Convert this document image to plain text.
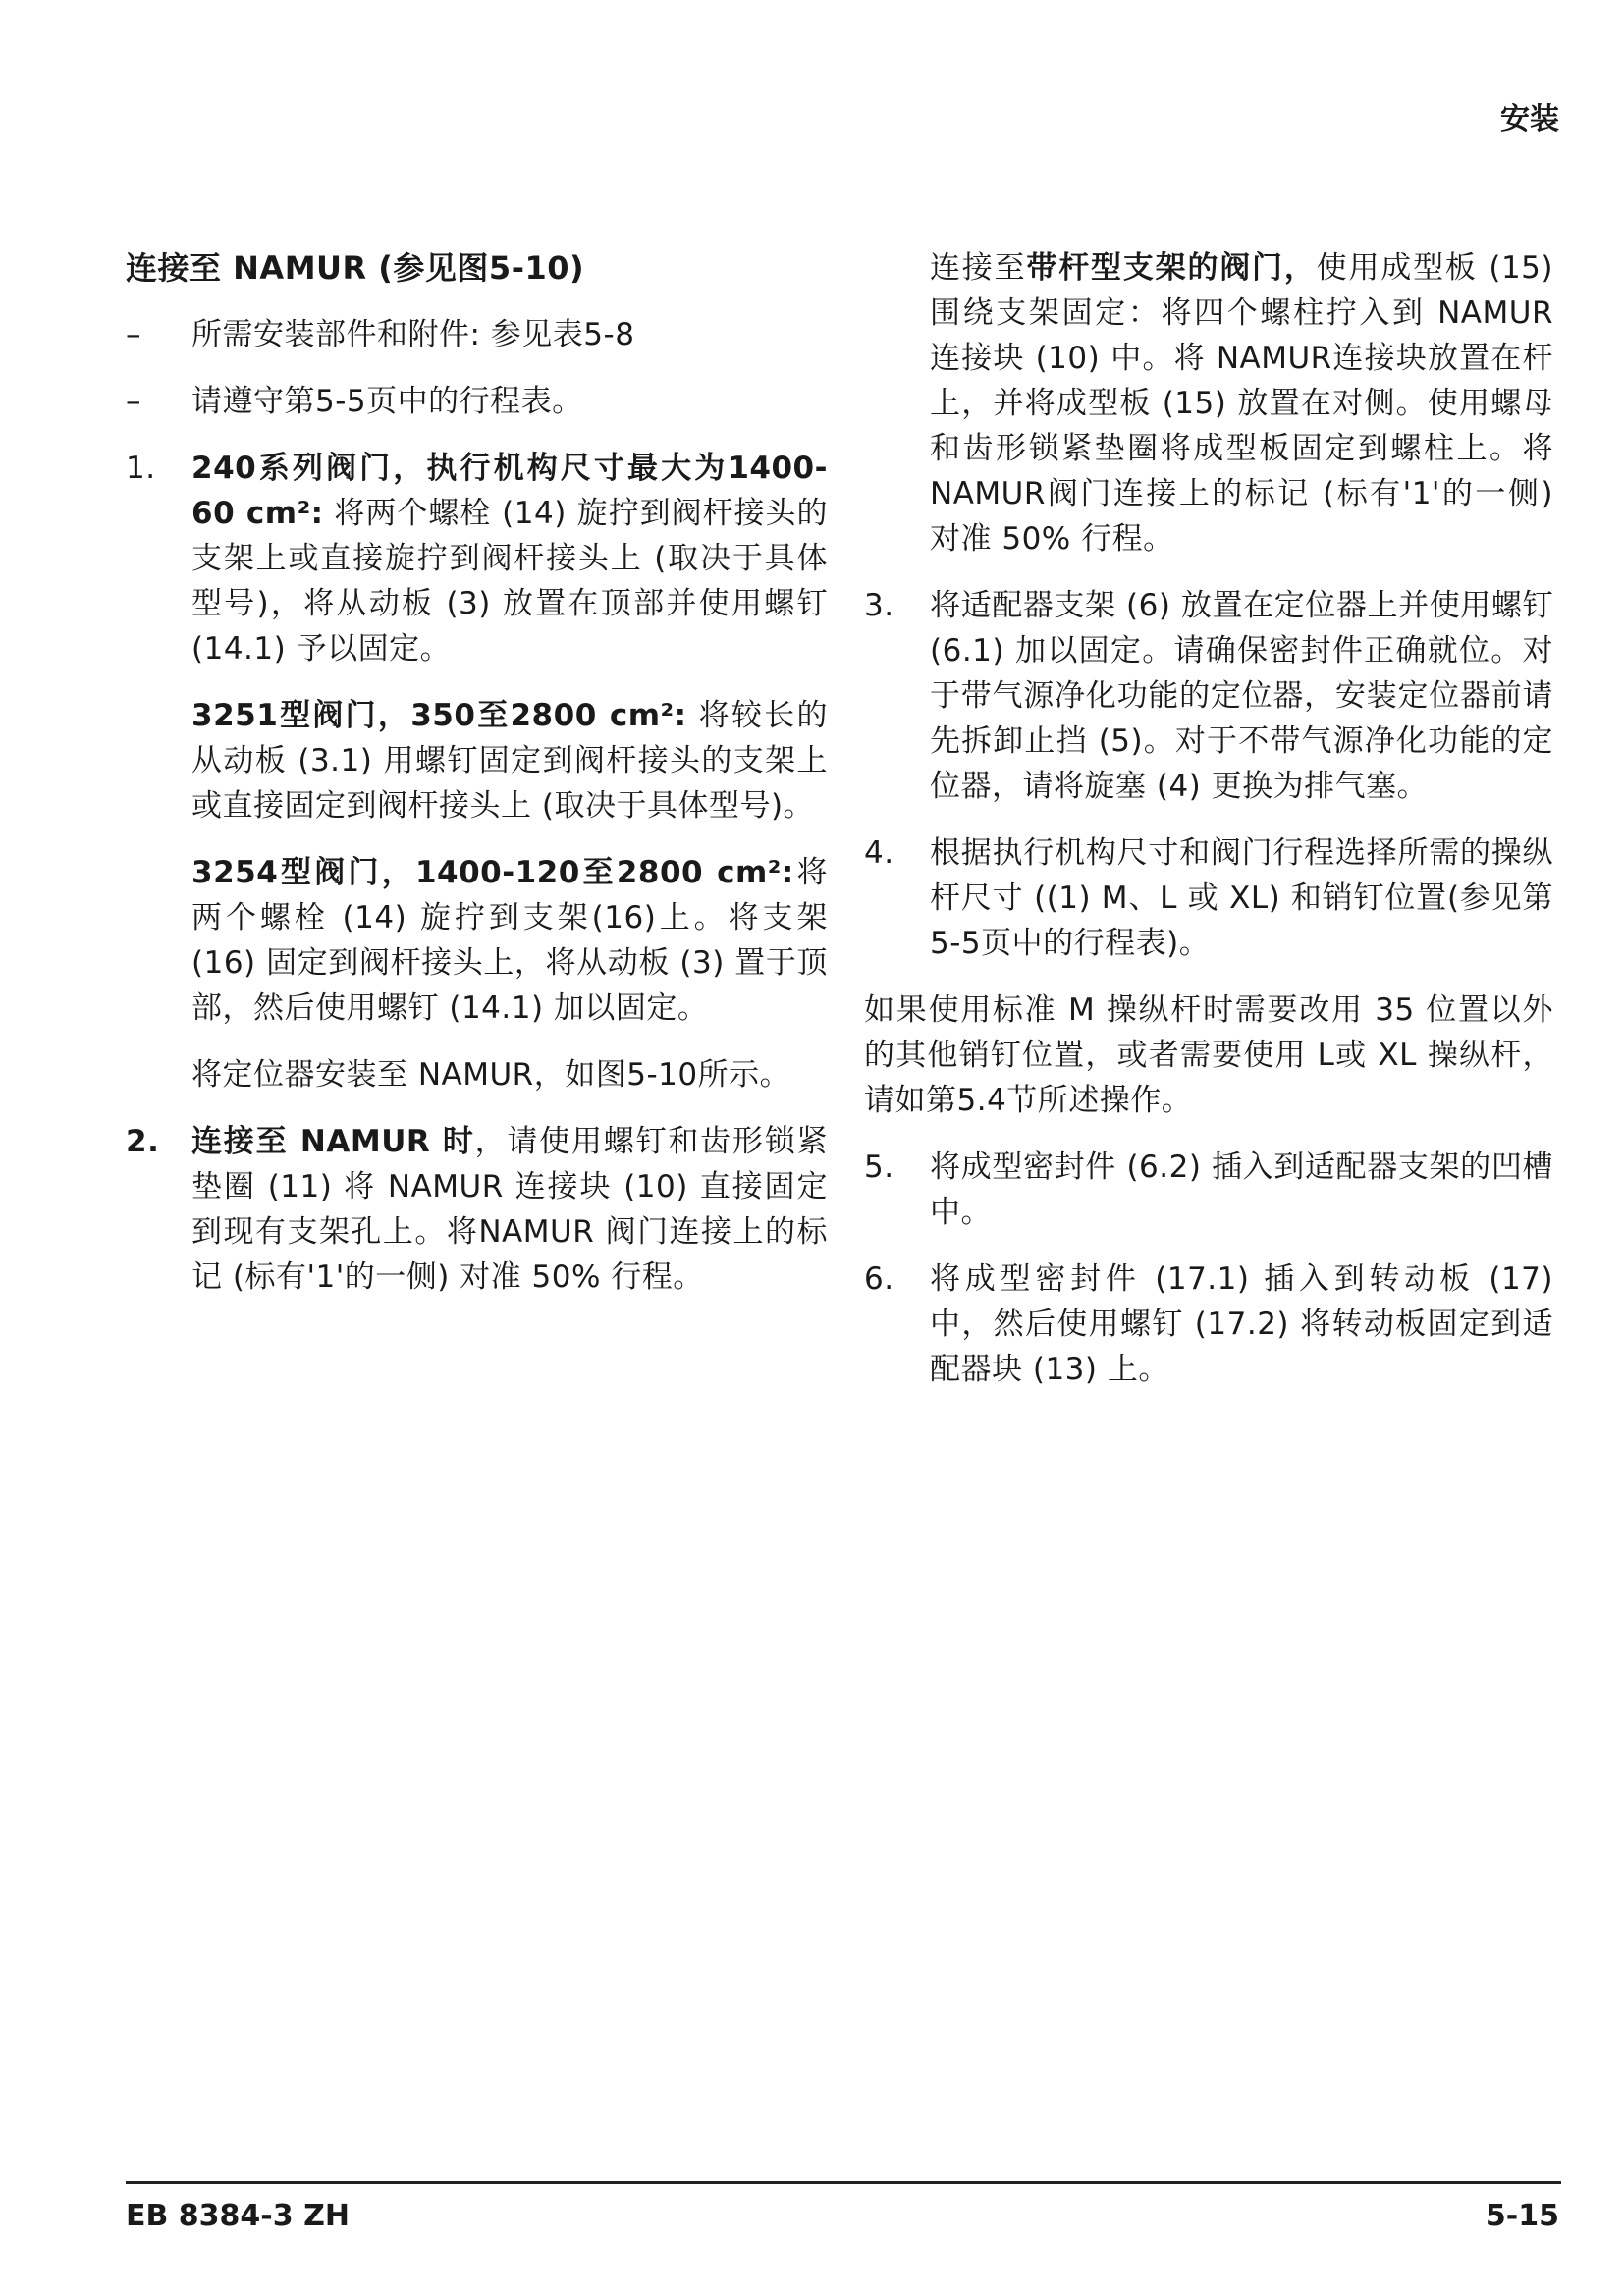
安装
连接至 NAMUR (参见图5-10)
–	所需安装部件和附件: 参见表5-8
–	请遵守第5-5页中的行程表。
1.	240系列阀门，执行机构尺寸最大为1400-60 cm²: 将两个螺栓 (14) 旋拧到阀杆接头的支架上或直接旋拧到阀杆接头上 (取决于具体型号)，将从动板 (3) 放置在顶部并使用螺钉 (14.1) 予以固定。

3251型阀门，350至2800 cm²: 将较长的从动板 (3.1) 用螺钉固定到阀杆接头的支架上或直接固定到阀杆接头上 (取决于具体型号)。

3254型阀门，1400-120至2800 cm²:将两个螺栓 (14) 旋拧到支架(16)上。将支架 (16) 固定到阀杆接头上，将从动板 (3) 置于顶部，然后使用螺钉 (14.1) 加以固定。

将定位器安装至 NAMUR，如图5-10所示。

2.	连接至 NAMUR 时，请使用螺钉和齿形锁紧垫圈 (11) 将 NAMUR 连接块 (10) 直接固定到现有支架孔上。将NAMUR 阀门连接上的标记 (标有'1'的一侧) 对准 50% 行程。

连接至带杆型支架的阀门，使用成型板 (15) 围绕支架固定：将四个螺柱拧入到 NAMUR 连接块 (10) 中。将 NAMUR连接块放置在杆上，并将成型板 (15) 放置在对侧。使用螺母和齿形锁紧垫圈将成型板固定到螺柱上。将NAMUR阀门连接上的标记 (标有'1'的一侧) 对准 50% 行程。
3.	将适配器支架 (6) 放置在定位器上并使用螺钉 (6.1) 加以固定。请确保密封件正确就位。对于带气源净化功能的定位器，安装定位器前请先拆卸止挡 (5)。对于不带气源净化功能的定位器，请将旋塞 (4) 更换为排气塞。
4.	根据执行机构尺寸和阀门行程选择所需的操纵杆尺寸 ((1) M、L 或 XL) 和销钉位置(参见第 5-5页中的行程表)。
如果使用标准 M 操纵杆时需要改用 35 位置以外的其他销钉位置，或者需要使用 L或 XL 操纵杆，请如第5.4节所述操作。
5.	将成型密封件 (6.2) 插入到适配器支架的凹槽中。
6.	将成型密封件 (17.1) 插入到转动板 (17) 中，然后使用螺钉 (17.2) 将转动板固定到适配器块 (13) 上。
EB 8384-3 ZH	5-15
